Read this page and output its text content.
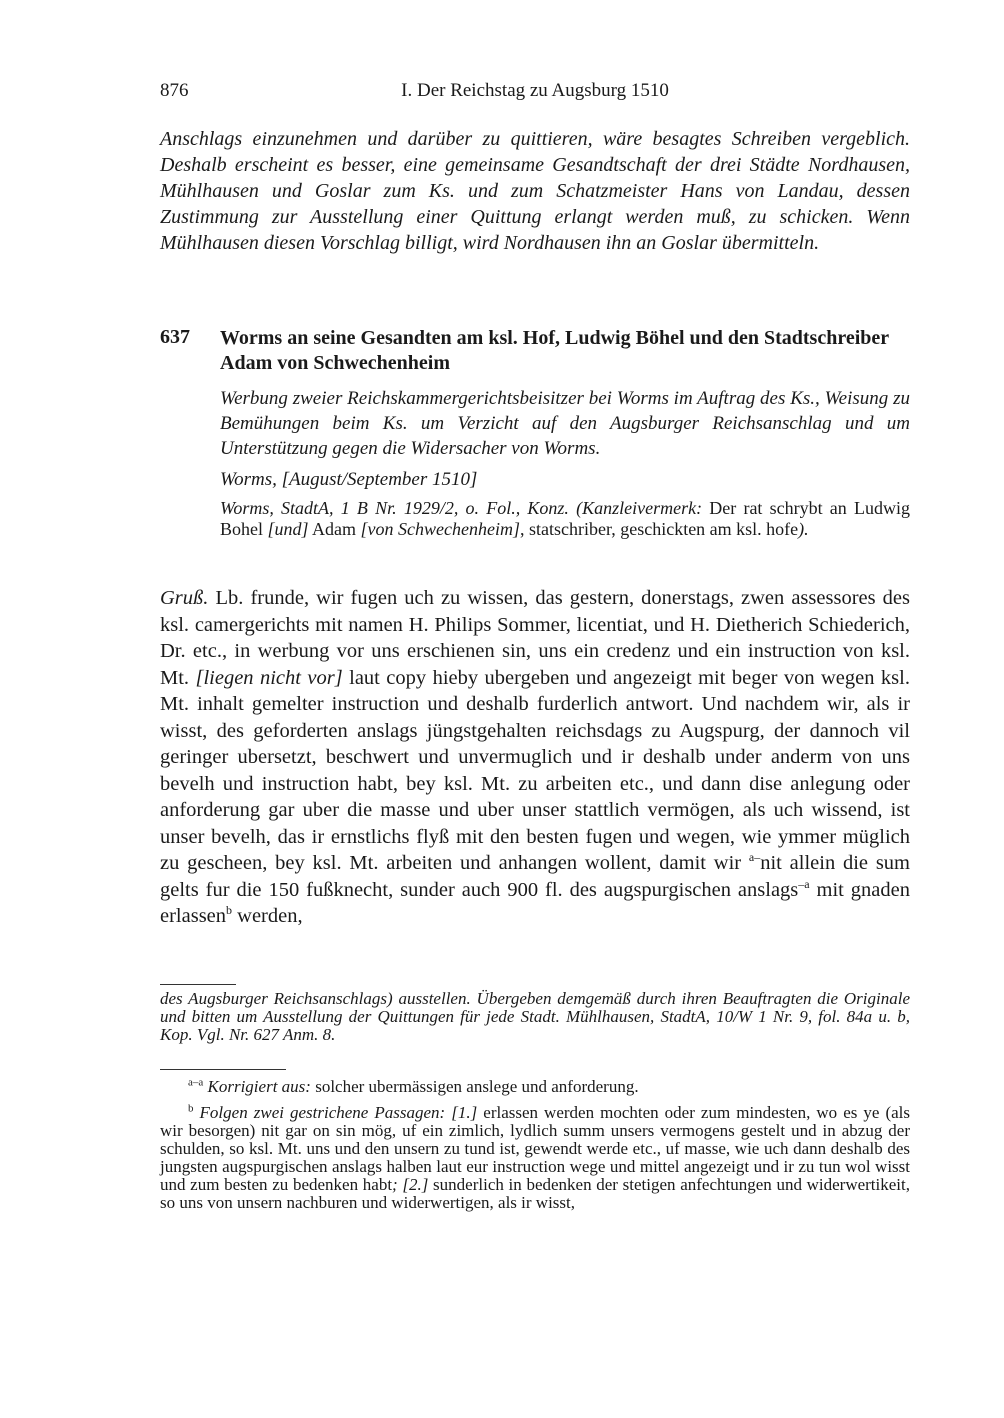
876	I. Der Reichstag zu Augsburg 1510

Anschlags einzunehmen und darüber zu quittieren, wäre besagtes Schreiben vergeblich. Deshalb erscheint es besser, eine gemeinsame Gesandtschaft der drei Städte Nordhausen, Mühlhausen und Goslar zum Ks. und zum Schatzmeister Hans von Landau, dessen Zustimmung zur Ausstellung einer Quittung erlangt werden muß, zu schicken. Wenn Mühlhausen diesen Vorschlag billigt, wird Nordhausen ihn an Goslar übermitteln.

637 Worms an seine Gesandten am ksl. Hof, Ludwig Böhel und den Stadtschreiber Adam von Schwechenheim
Werbung zweier Reichskammergerichtsbeisitzer bei Worms im Auftrag des Ks., Weisung zu Bemühungen beim Ks. um Verzicht auf den Augsburger Reichsanschlag und um Unterstützung gegen die Widersacher von Worms.
Worms, [August/September 1510]
Worms, StadtA, 1 B Nr. 1929/2, o. Fol., Konz. (Kanzleivermerk: Der rat schrybt an Ludwig Bohel [und] Adam [von Schwechenheim], statschriber, geschickten am ksl. hofe).

Gruß. Lb. frunde, wir fugen uch zu wissen, das gestern, donerstags, zwen assessores des ksl. camergerichts mit namen H. Philips Sommer, licentiat, und H. Dietherich Schiederich, Dr. etc., in werbung vor uns erschienen sin, uns ein credenz und ein instruction von ksl. Mt. [liegen nicht vor] laut copy hieby ubergeben und angezeigt mit beger von wegen ksl. Mt. inhalt gemelter instruction und deshalb furderlich antwort. Und nachdem wir, als ir wisst, des geforderten anslags jüngstgehalten reichsdags zu Augspurg, der dannoch vil geringer ubersetzt, beschwert und unvermuglich und ir deshalb under anderm von uns bevelh und instruction habt, bey ksl. Mt. zu arbeiten etc., und dann dise anlegung oder anforderung gar uber die masse und uber unser stattlich vermögen, als uch wissend, ist unser bevelh, das ir ernstlichs flyß mit den besten fugen und wegen, wie ymmer müglich zu gescheen, bey ksl. Mt. arbeiten und anhangen wollent, damit wir $^{a-}$nit allein die sum gelts fur die 150 fußknecht, sunder auch 900 fl. des augspurgischen anslags$^{-a}$ mit gnaden erlassen$^b$ werden,

des Augsburger Reichsanschlags) ausstellen. Übergeben demgemäß durch ihren Beauftragten die Originale und bitten um Ausstellung der Quittungen für jede Stadt. Mühlhausen, StadtA, 10/W 1 Nr. 9, fol. 84a u. b, Kop. Vgl. Nr. 627 Anm. 8.

$^{a-a}$ Korrigiert aus: solcher ubermässigen anslege und anforderung.

$^b$ Folgen zwei gestrichene Passagen: [1.] erlassen werden mochten oder zum mindesten, wo es ye (als wir besorgen) nit gar on sin mög, uf ein zimlich, lydlich summ unsers vermogens gestelt und in abzug der schulden, so ksl. Mt. uns und den unsern zu tund ist, gewendt werde etc., uf masse, wie uch dann deshalb des jungsten augspurgischen anslags halben laut eur instruction wege und mittel angezeigt und ir zu tun wol wisst und zum besten zu bedenken habt; [2.] sunderlich in bedenken der stetigen anfechtungen und widerwertikeit, so uns von unsern nachburen und widerwertigen, als ir wisst,
